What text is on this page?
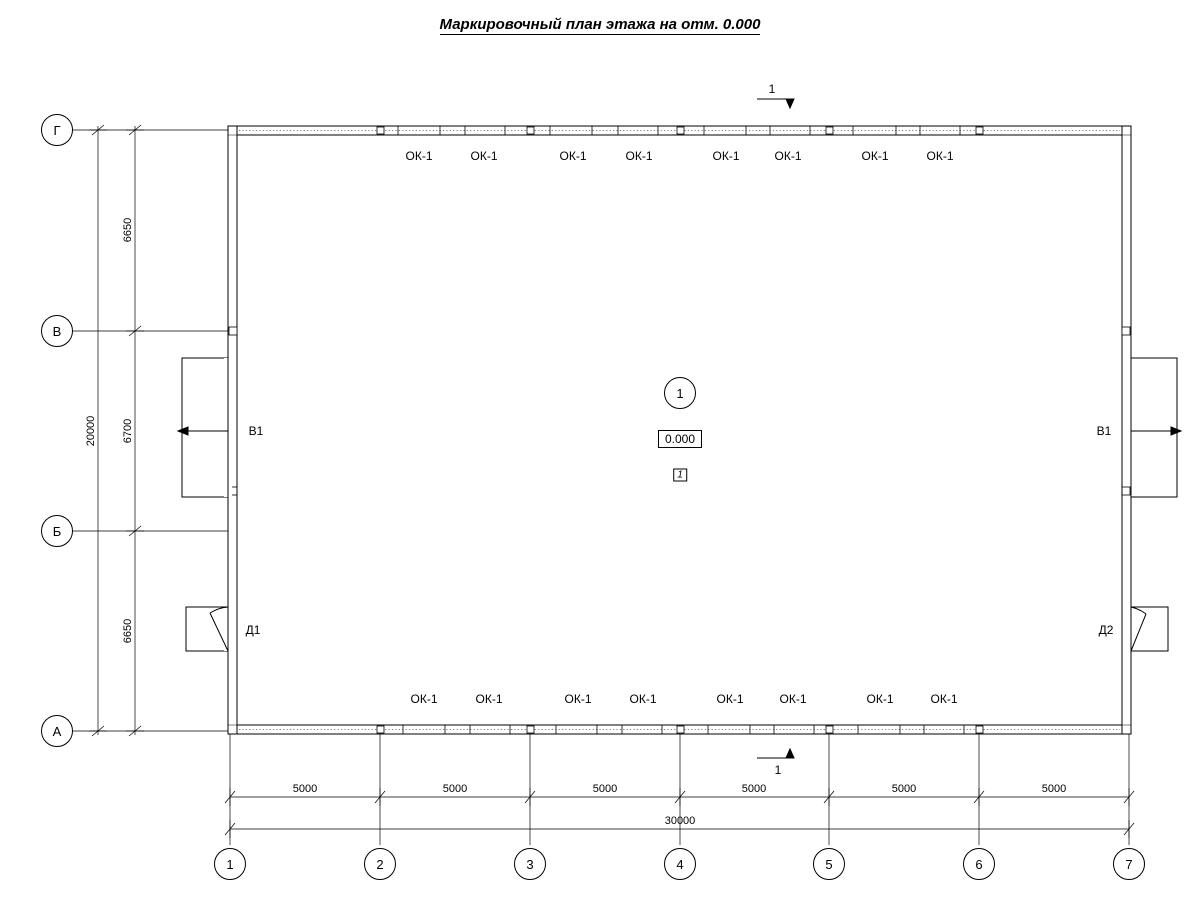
Маркировочный план этажа на отм. 0.000
Г
В
Б
А
1	2	3	4	5	6	7
6650
6700
6650
20000
5000	5000	5000	5000	5000	5000
30000
ОК-1	ОК-1	ОК-1	ОК-1	ОК-1	ОК-1	ОК-1	ОК-1
ОК-1	ОК-1	ОК-1	ОК-1	ОК-1	ОК-1	ОК-1	ОК-1
В1	В1
Д1	Д2
1
0.000
1
1
1
